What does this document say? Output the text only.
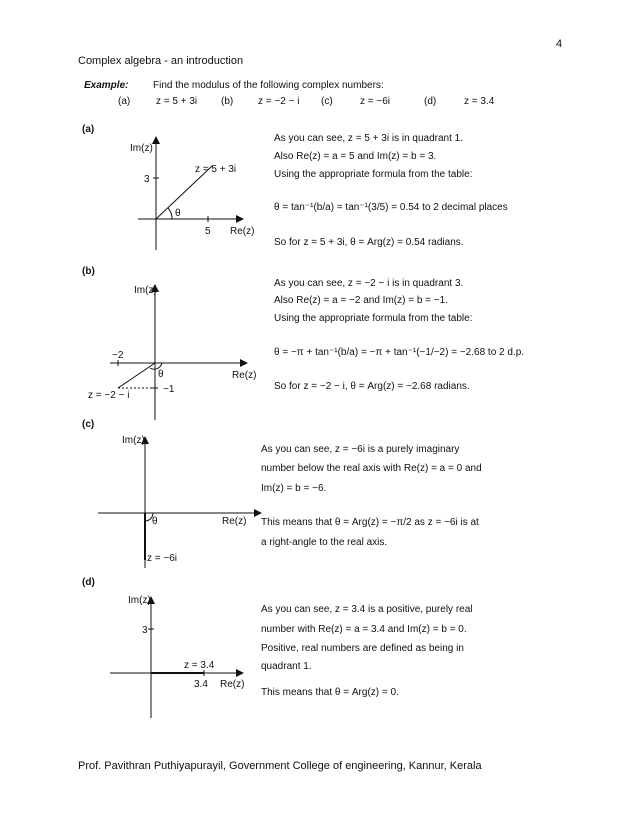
4
Complex algebra - an introduction
Example: Find the modulus of the following complex numbers:
(a)	z = 5 + 3i (b) z = −2 − i (c)	z = −6i	(d)	z = 3.4
(a)
Im(z)
z = 5 + 3i
3
θ
5 Re(z)
As you can see, z = 5 + 3i is in quadrant 1.
Also Re(z) = a = 5 and Im(z) = b = 3.
Using the appropriate formula from the table:
θ = tan⁻¹(b/a) = tan⁻¹(3/5) = 0.54 to 2 decimal places
So for z = 5 + 3i, θ = Arg(z) = 0.54 radians.
(b)
Im(z)
−2
θ
−1
Re(z)
z = −2 − i
As you can see, z = −2 − i is in quadrant 3.
Also Re(z) = a = −2 and Im(z) = b = −1.
Using the appropriate formula from the table:
θ = −π + tan⁻¹(b/a) = −π + tan⁻¹(−1/−2) = −2.68 to 2 d.p.
So for z = −2 − i, θ = Arg(z) = −2.68 radians.
(c)
Im(z)
θ	Re(z)
z = −6i
As you can see, z = −6i is a purely imaginary
number below the real axis with Re(z) = a = 0 and
Im(z) = b = −6.
This means that θ = Arg(z) = −π/2 as z = −6i is at
a right-angle to the real axis.
(d)
Im(z)
3
z = 3.4
3.4 Re(z)
As you can see, z = 3.4 is a positive, purely real
number with Re(z) = a = 3.4 and Im(z) = b = 0.
Positive, real numbers are defined as being in
quadrant 1.
This means that θ = Arg(z) = 0.
Prof. Pavithran Puthiyapurayil, Government College of engineering, Kannur, Kerala
